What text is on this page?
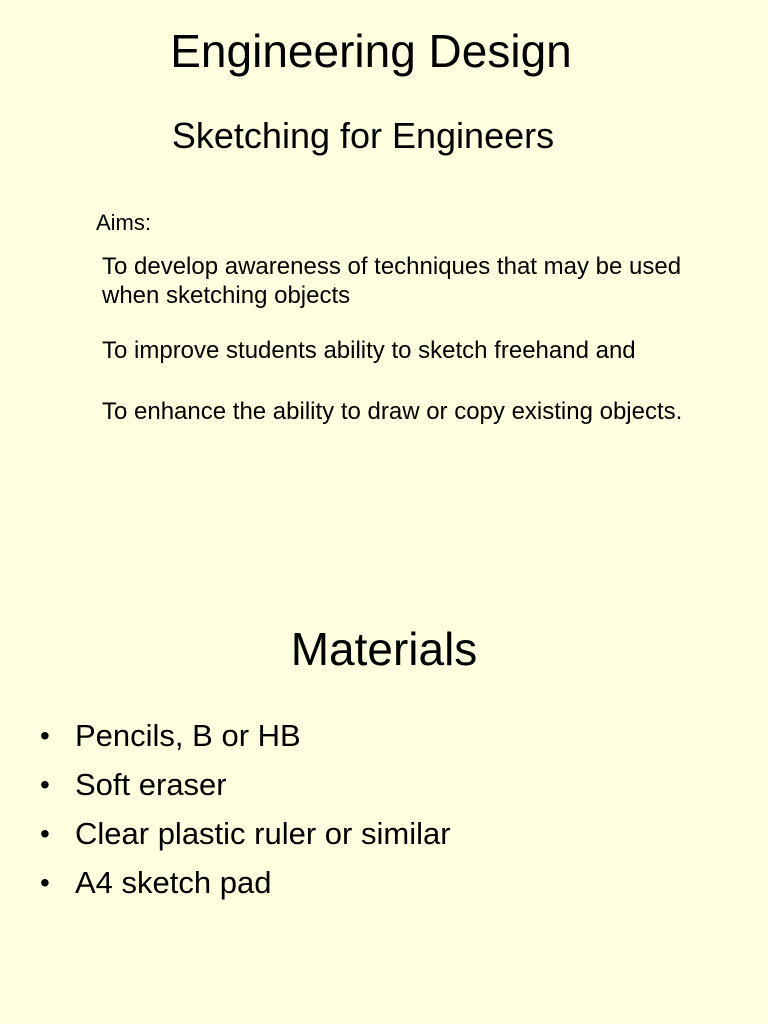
Engineering Design
Sketching for Engineers
Aims:
To develop awareness of techniques that may be used when sketching objects
To improve students ability to sketch freehand and
To enhance the ability to draw or copy existing objects.
Materials
• Pencils, B or HB
• Soft eraser
• Clear plastic ruler or similar
• A4 sketch pad
